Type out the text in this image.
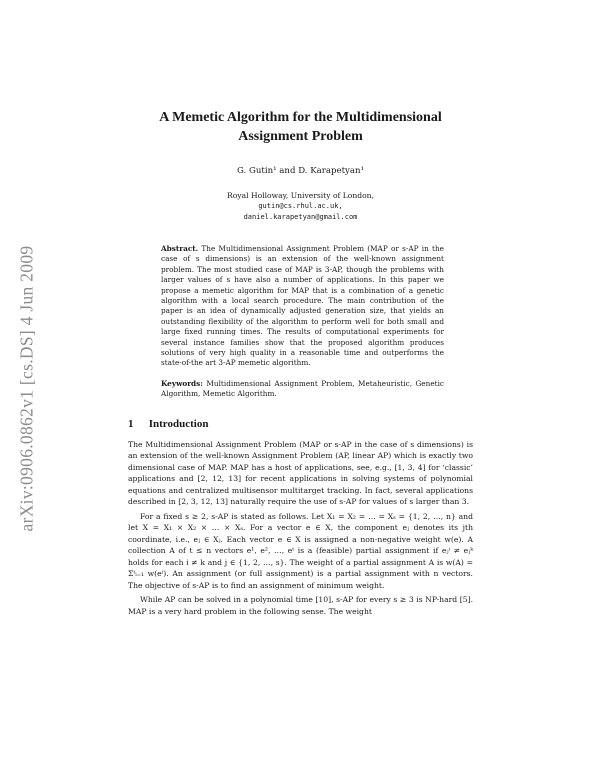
arXiv:0906.0862v1 [cs.DS] 4 Jun 2009
A Memetic Algorithm for the Multidimensional Assignment Problem
G. Gutin¹ and D. Karapetyan¹
Royal Holloway, University of London,
gutin@cs.rhul.ac.uk,
daniel.karapetyan@gmail.com
Abstract. The Multidimensional Assignment Problem (MAP or s-AP in the case of s dimensions) is an extension of the well-known assignment problem. The most studied case of MAP is 3-AP, though the problems with larger values of s have also a number of applications. In this paper we propose a memetic algorithm for MAP that is a combination of a genetic algorithm with a local search procedure. The main contribution of the paper is an idea of dynamically adjusted generation size, that yields an outstanding flexibility of the algorithm to perform well for both small and large fixed running times. The results of computational experiments for several instance families show that the proposed algorithm produces solutions of very high quality in a reasonable time and outperforms the state-of-the art 3-AP memetic algorithm.
Keywords: Multidimensional Assignment Problem, Metaheuristic, Genetic Algorithm, Memetic Algorithm.
1 Introduction

The Multidimensional Assignment Problem (MAP or s-AP in the case of s dimensions) is an extension of the well-known Assignment Problem (AP, linear AP) which is exactly two dimensional case of MAP. MAP has a host of applications, see, e.g., [1, 3, 4] for ‘classic’ applications and [2, 12, 13] for recent applications in solving systems of polynomial equations and centralized multisensor multitarget tracking. In fact, several applications described in [2, 3, 12, 13] naturally require the use of s-AP for values of s larger than 3.

For a fixed s ≥ 2, s-AP is stated as follows. Let X₁ = X₂ = … = Xₛ = {1, 2, …, n} and let X = X₁ × X₂ × … × Xₛ. For a vector e ∈ X, the component eⱼ denotes its jth coordinate, i.e., eⱼ ∈ Xⱼ. Each vector e ∈ X is assigned a non-negative weight w(e). A collection A of t ≤ n vectors e¹, e², …, eᵗ is a (feasible) partial assignment if eⱼⁱ ≠ eⱼᵏ holds for each i ≠ k and j ∈ {1, 2, …, s}. The weight of a partial assignment A is w(A) = Σᵗᵢ₌₁ w(eⁱ). An assignment (or full assignment) is a partial assignment with n vectors. The objective of s-AP is to find an assignment of minimum weight.

While AP can be solved in a polynomial time [10], s-AP for every s ≥ 3 is NP-hard [5]. MAP is a very hard problem in the following sense. The weight
